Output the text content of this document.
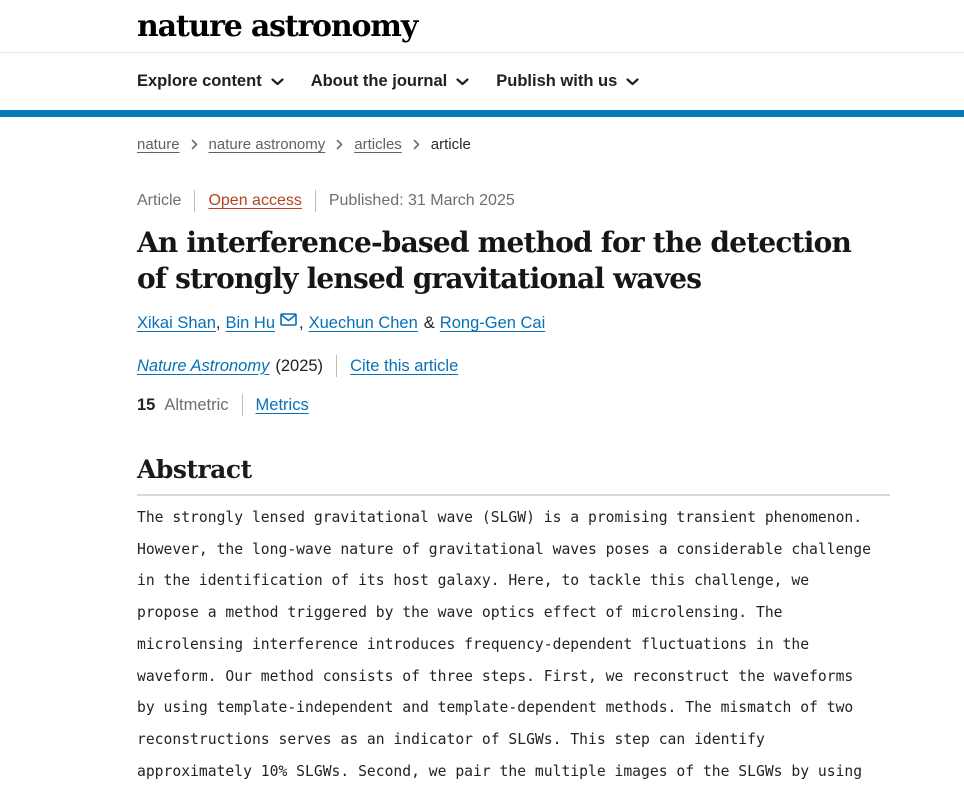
nature astronomy
Explore content	About the journal	Publish with us
nature nature astronomy articles article
Article Open access Published: 31 March 2025
An interference-based method for the detection of strongly lensed gravitational waves
Xikai Shan , Bin Hu , Xuechun Chen & Rong-Gen Cai
Nature Astronomy (2025) Cite this article
15 Altmetric Metrics
Abstract
The strongly lensed gravitational wave (SLGW) is a promising transient phenomenon.
However, the long-wave nature of gravitational waves poses a considerable challenge
in the identification of its host galaxy. Here, to tackle this challenge, we
propose a method triggered by the wave optics effect of microlensing. The
microlensing interference introduces frequency-dependent fluctuations in the
waveform. Our method consists of three steps. First, we reconstruct the waveforms
by using template-independent and template-dependent methods. The mismatch of two
reconstructions serves as an indicator of SLGWs. This step can identify
approximately 10% SLGWs. Second, we pair the multiple images of the SLGWs by using
